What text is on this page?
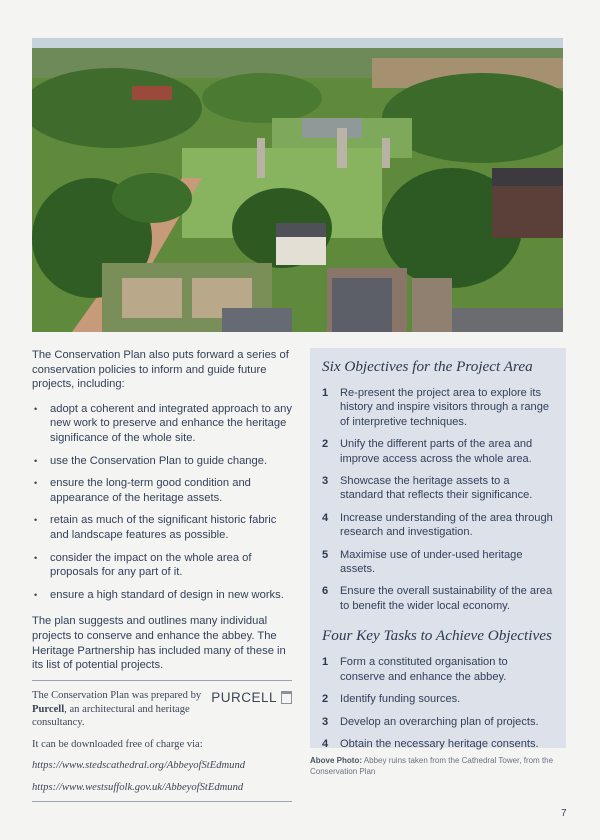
The Conservation Plan also puts forward a series of conservation policies to inform and guide future projects, including:

• adopt a coherent and integrated approach to any new work to preserve and enhance the heritage significance of the whole site.
• use the Conservation Plan to guide change.
• ensure the long-term good condition and appearance of the heritage assets.
• retain as much of the significant historic fabric and landscape features as possible.
• consider the impact on the whole area of proposals for any part of it.
• ensure a high standard of design in new works.

The plan suggests and outlines many individual projects to conserve and enhance the abbey. The Heritage Partnership has included many of these in its list of potential projects.

The Conservation Plan was prepared by Purcell, an architectural and heritage consultancy.
PURCELL
It can be downloaded free of charge via:
https://www.stedscathedral.org/AbbeyofStEdmund
https://www.westsuffolk.gov.uk/AbbeyofStEdmund
Six Objectives for the Project Area
1	Re-present the project area to explore its history and inspire visitors through a range of interpretive techniques.
2	Unify the different parts of the area and improve access across the whole area.
3	Showcase the heritage assets to a standard that reflects their significance.
4	Increase understanding of the area through research and investigation.
5	Maximise use of under-used heritage assets.
6	Ensure the overall sustainability of the area to benefit the wider local economy.
Four Key Tasks to Achieve Objectives
1	Form a constituted organisation to conserve and enhance the abbey.
2	Identify funding sources.
3	Develop an overarching plan of projects.
4	Obtain the necessary heritage consents.
Above Photo: Abbey ruins taken from the Cathedral Tower, from the Conservation Plan
7
